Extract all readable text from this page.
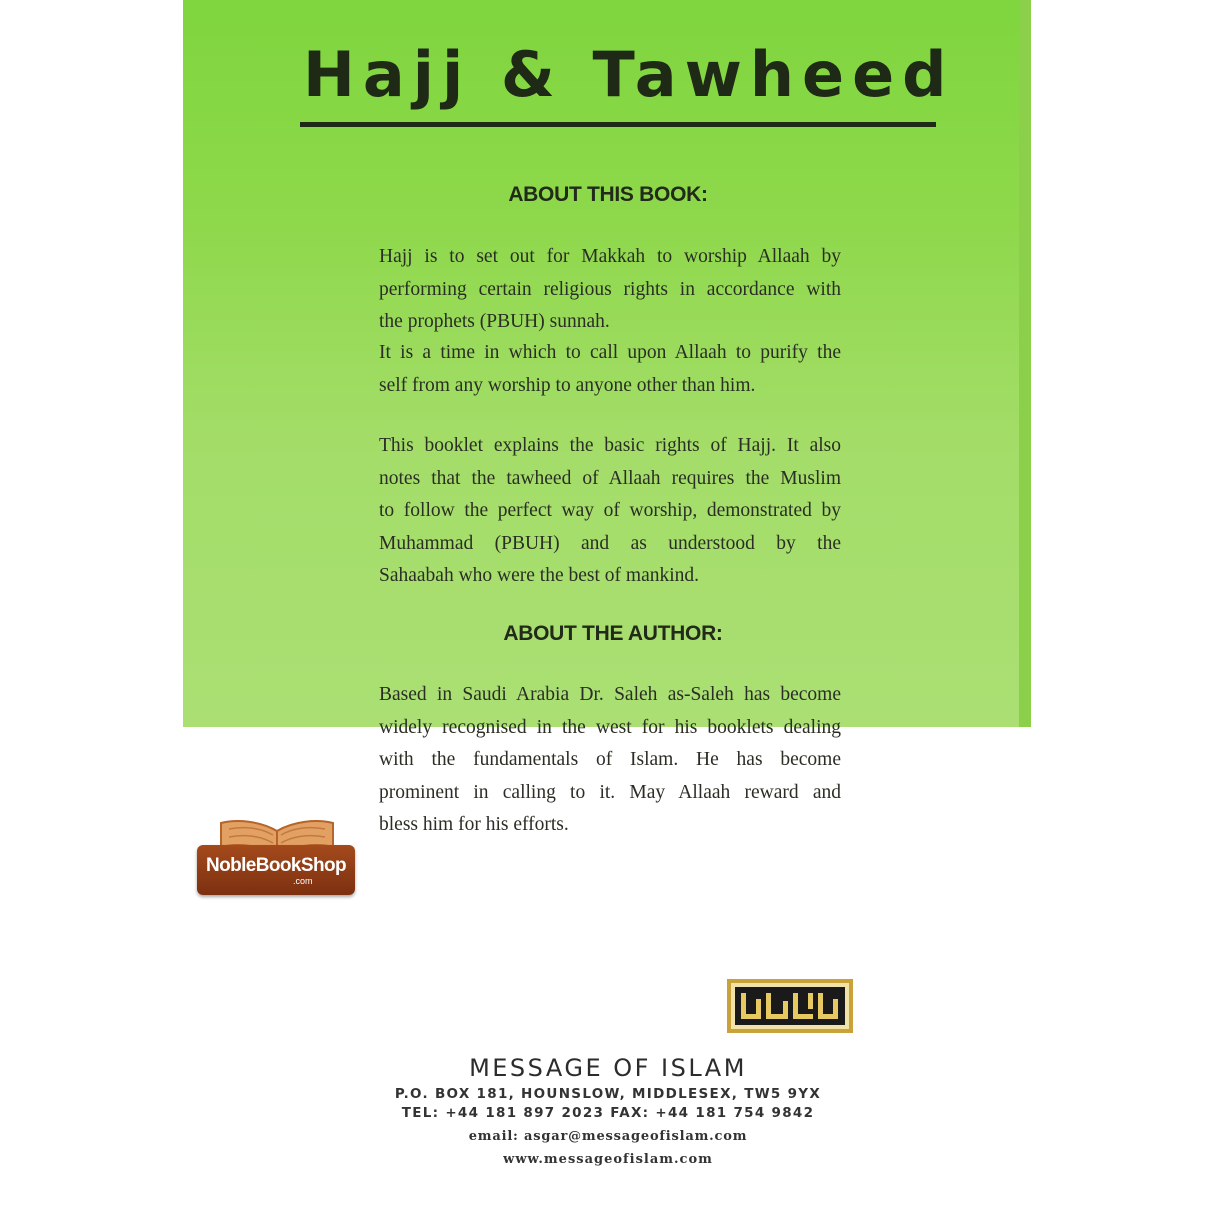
Hajj & Tawheed
ABOUT THIS BOOK:
Hajj is to set out for Makkah to worship Allaah by
performing certain religious rights in accordance with
the prophets (PBUH) sunnah.
It is a time in which to call upon Allaah to purify the
self from any worship to anyone other than him.
This booklet explains the basic rights of Hajj. It also
notes that the tawheed of Allaah requires the Muslim
to follow the perfect way of worship, demonstrated by
Muhammad (PBUH) and as understood by the
Sahaabah who were the best of mankind.
ABOUT THE AUTHOR:
Based in Saudi Arabia Dr. Saleh as-Saleh has become
widely recognised in the west for his booklets dealing
with the fundamentals of Islam. He has become
prominent in calling to it. May Allaah reward and
bless him for his efforts.
NobleBookShop
.com
MESSAGE OF ISLAM
P.O. BOX 181, HOUNSLOW, MIDDLESEX, TW5 9YX
TEL: +44 181 897 2023 FAX: +44 181 754 9842
email: asgar@messageofislam.com
www.messageofislam.com
